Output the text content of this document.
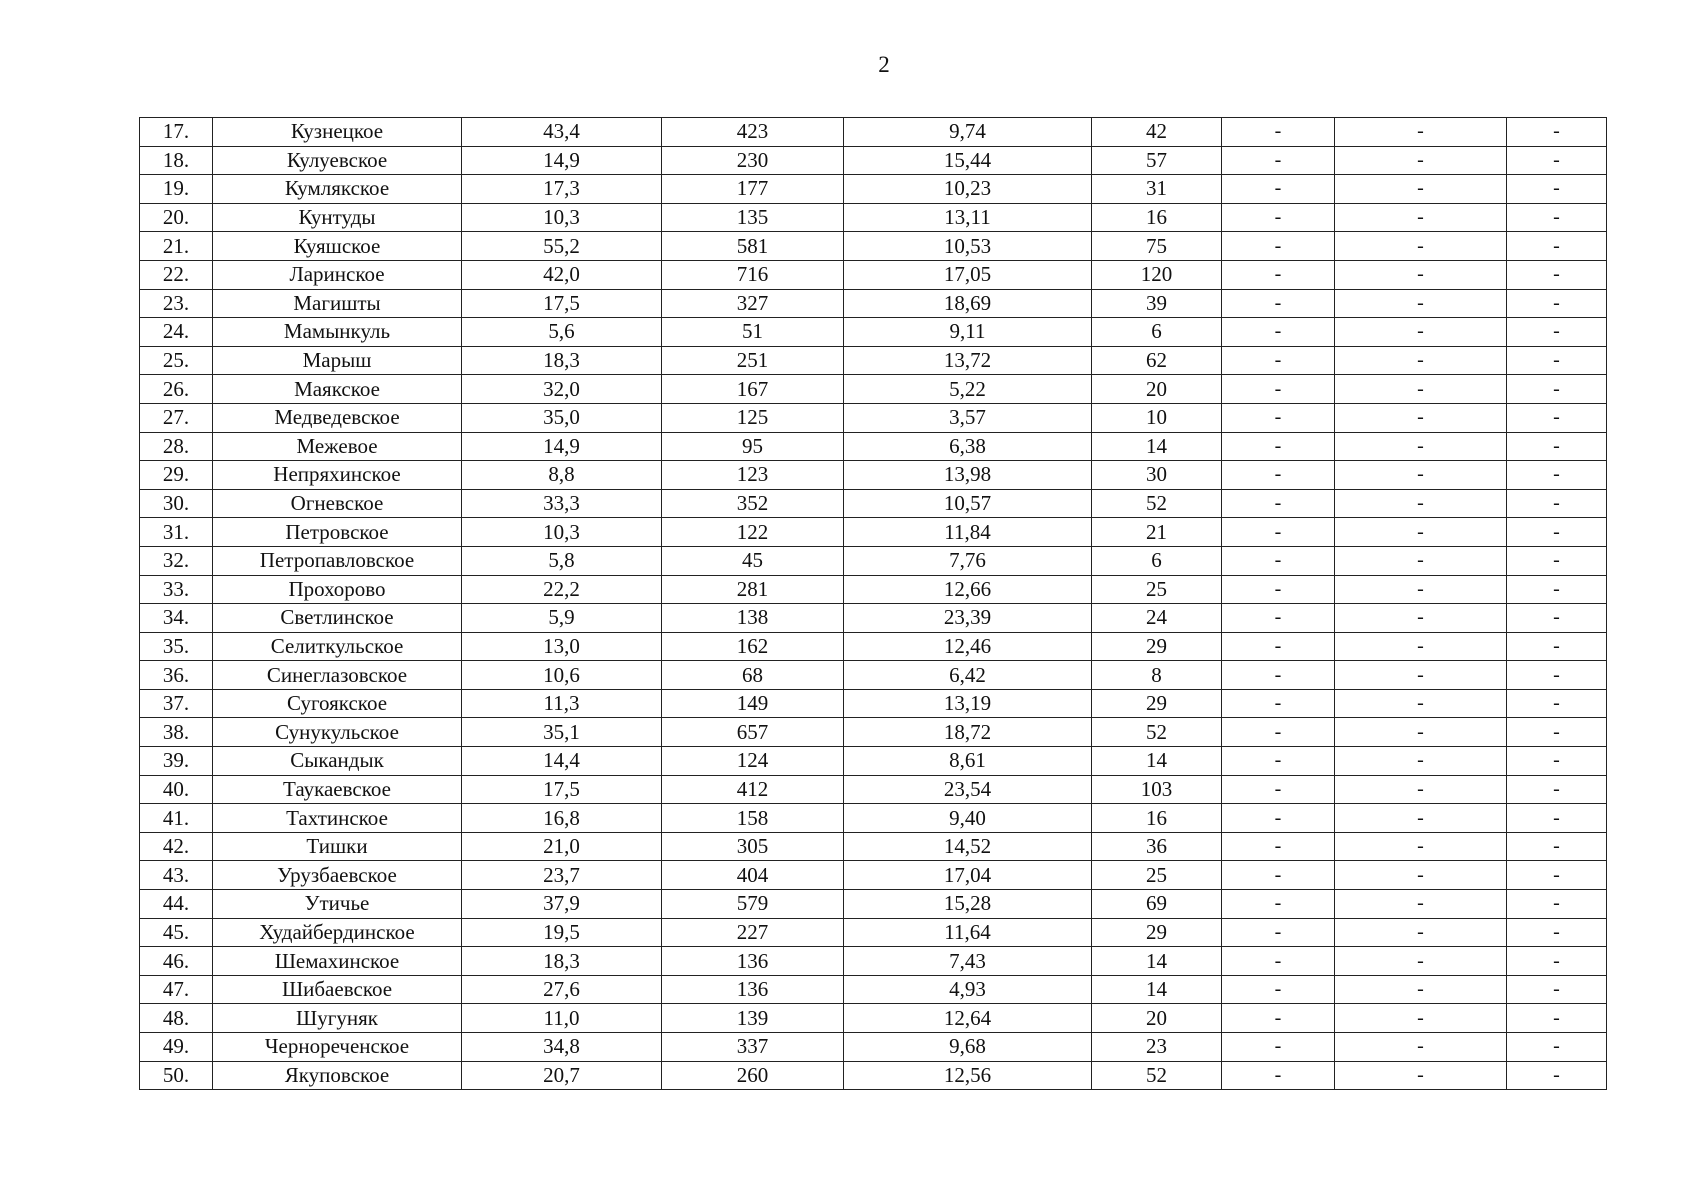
2
17.	Кузнецкое	43,4	423	9,74	42	-	-	-
18.	Кулуевское	14,9	230	15,44	57	-	-	-
19.	Кумлякское	17,3	177	10,23	31	-	-	-
20.	Кунтуды	10,3	135	13,11	16	-	-	-
21.	Куяшское	55,2	581	10,53	75	-	-	-
22.	Ларинское	42,0	716	17,05	120	-	-	-
23.	Магишты	17,5	327	18,69	39	-	-	-
24.	Мамынкуль	5,6	51	9,11	6	-	-	-
25.	Марыш	18,3	251	13,72	62	-	-	-
26.	Маякское	32,0	167	5,22	20	-	-	-
27.	Медведевское	35,0	125	3,57	10	-	-	-
28.	Межевое	14,9	95	6,38	14	-	-	-
29.	Непряхинское	8,8	123	13,98	30	-	-	-
30.	Огневское	33,3	352	10,57	52	-	-	-
31.	Петровское	10,3	122	11,84	21	-	-	-
32.	Петропавловское	5,8	45	7,76	6	-	-	-
33.	Прохорово	22,2	281	12,66	25	-	-	-
34.	Светлинское	5,9	138	23,39	24	-	-	-
35.	Селиткульское	13,0	162	12,46	29	-	-	-
36.	Синеглазовское	10,6	68	6,42	8	-	-	-
37.	Сугоякское	11,3	149	13,19	29	-	-	-
38.	Сунукульское	35,1	657	18,72	52	-	-	-
39.	Сыкандык	14,4	124	8,61	14	-	-	-
40.	Таукаевское	17,5	412	23,54	103	-	-	-
41.	Тахтинское	16,8	158	9,40	16	-	-	-
42.	Тишки	21,0	305	14,52	36	-	-	-
43.	Урузбаевское	23,7	404	17,04	25	-	-	-
44.	Утичье	37,9	579	15,28	69	-	-	-
45.	Худайбердинское	19,5	227	11,64	29	-	-	-
46.	Шемахинское	18,3	136	7,43	14	-	-	-
47.	Шибаевское	27,6	136	4,93	14	-	-	-
48.	Шугуняк	11,0	139	12,64	20	-	-	-
49.	Чернореченское	34,8	337	9,68	23	-	-	-
50.	Якуповское	20,7	260	12,56	52	-	-	-
